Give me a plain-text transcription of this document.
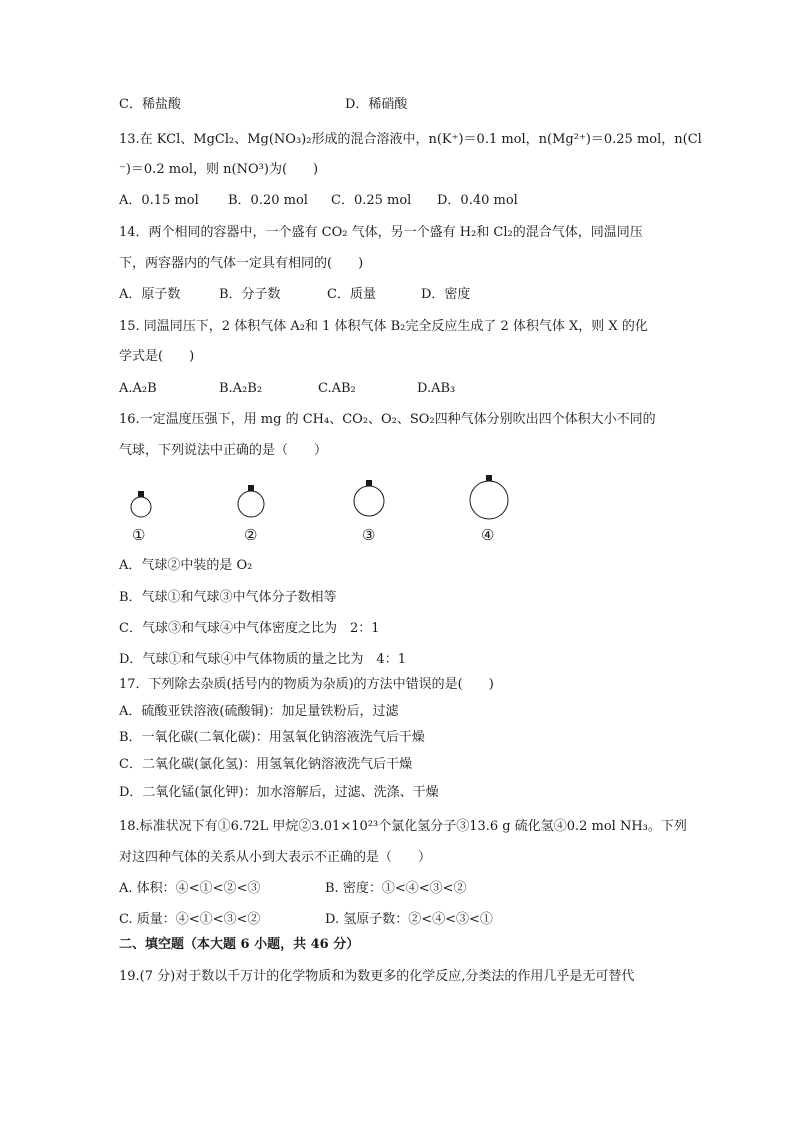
C．稀盐酸	D．稀硝酸
13.在 KCl、MgCl₂、Mg(NO₃)₂形成的混合溶液中，n(K⁺)＝0.1 mol，n(Mg²⁺)＝0.25 mol，n(Cl
⁻)＝0.2 mol，则 n(NO³)为(　　)
A．0.15 mol B．0.20 mol C．0.25 mol D．0.40 mol
14．两个相同的容器中，一个盛有 CO₂ 气体，另一个盛有 H₂和 Cl₂的混合气体，同温同压
下，两容器内的气体一定具有相同的(　　)
A．原子数	B．分子数	C．质量	D．密度
15. 同温同压下，2 体积气体 A₂和 1 体积气体 B₂完全反应生成了 2 体积气体 X，则 X 的化
学式是(　　)
A.A₂B	B.A₂B₂	C.AB₂	D.AB₃
16.一定温度压强下，用 mg 的 CH₄、CO₂、O₂、SO₂四种气体分别吹出四个体积大小不同的
气球，下列说法中正确的是（　　）
①	②	③	④
A．气球②中装的是 O₂
B．气球①和气球③中气体分子数相等
C．气球③和气球④中气体密度之比为　2：1
D．气球①和气球④中气体物质的量之比为　4：1
17．下列除去杂质(括号内的物质为杂质)的方法中错误的是(　　)
A．硫酸亚铁溶液(硫酸铜)：加足量铁粉后，过滤
B．一氧化碳(二氧化碳)：用氢氧化钠溶液洗气后干燥
C．二氧化碳(氯化氢)：用氢氧化钠溶液洗气后干燥
D．二氧化锰(氯化钾)：加水溶解后，过滤、洗涤、干燥
18.标准状况下有①6.72L 甲烷②3.01×10²³个氯化氢分子③13.6 g 硫化氢④0.2 mol NH₃。下列
对这四种气体的关系从小到大表示不正确的是（　　）
A. 体积：④<①<②<③	B. 密度：①<④<③<②
C. 质量：④<①<③<②	D. 氢原子数：②<④<③<①
二、填空题（本大题 6 小题，共 46 分）
19.(7 分)对于数以千万计的化学物质和为数更多的化学反应,分类法的作用几乎是无可替代
